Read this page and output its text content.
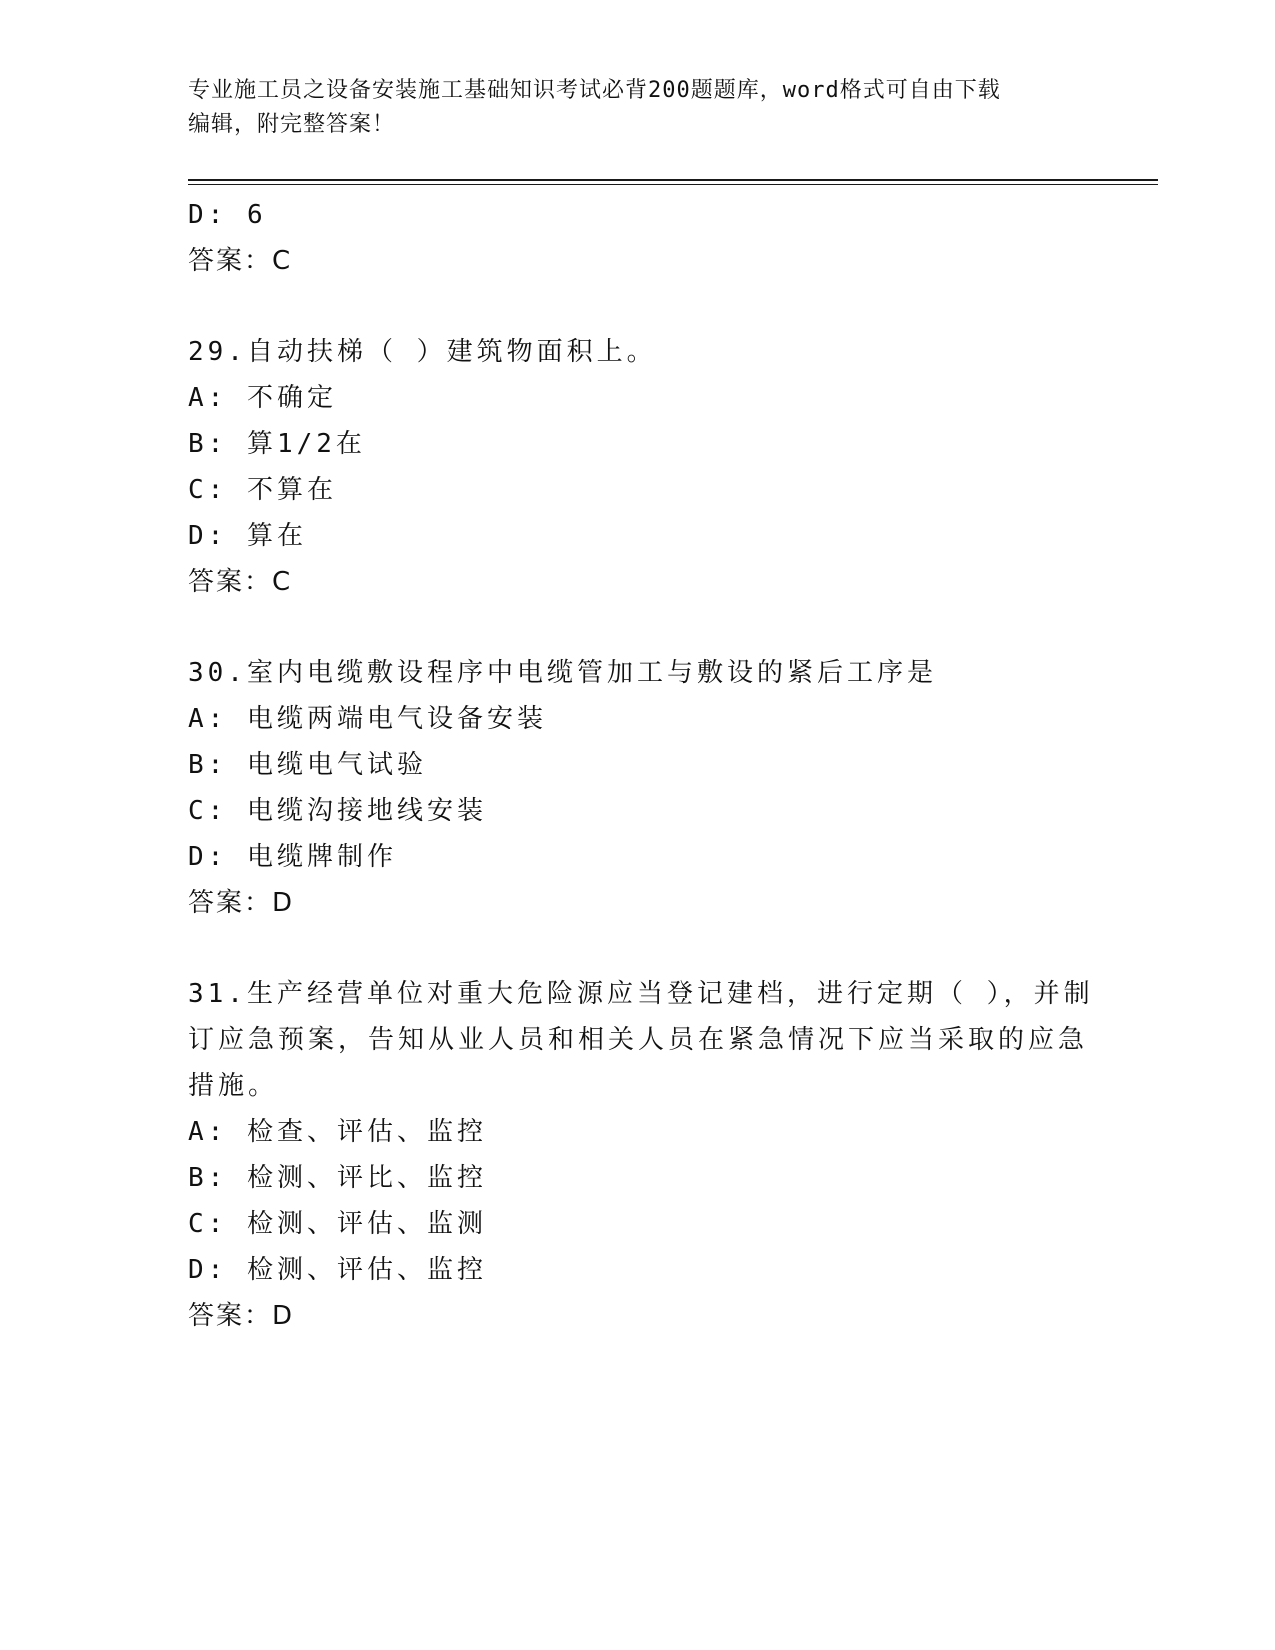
专业施工员之设备安装施工基础知识考试必背200题题库，word格式可自由下载
编辑，附完整答案！
D: 6
答案：C
29.自动扶梯（ ）建筑物面积上。
A: 不确定
B: 算1/2在
C: 不算在
D: 算在
答案：C
30.室内电缆敷设程序中电缆管加工与敷设的紧后工序是
A: 电缆两端电气设备安装
B: 电缆电气试验
C: 电缆沟接地线安装
D: 电缆牌制作
答案：D
31.生产经营单位对重大危险源应当登记建档，进行定期（ ），并制
订应急预案，告知从业人员和相关人员在紧急情况下应当采取的应急
措施。
A: 检查、评估、监控
B: 检测、评比、监控
C: 检测、评估、监测
D: 检测、评估、监控
答案：D
